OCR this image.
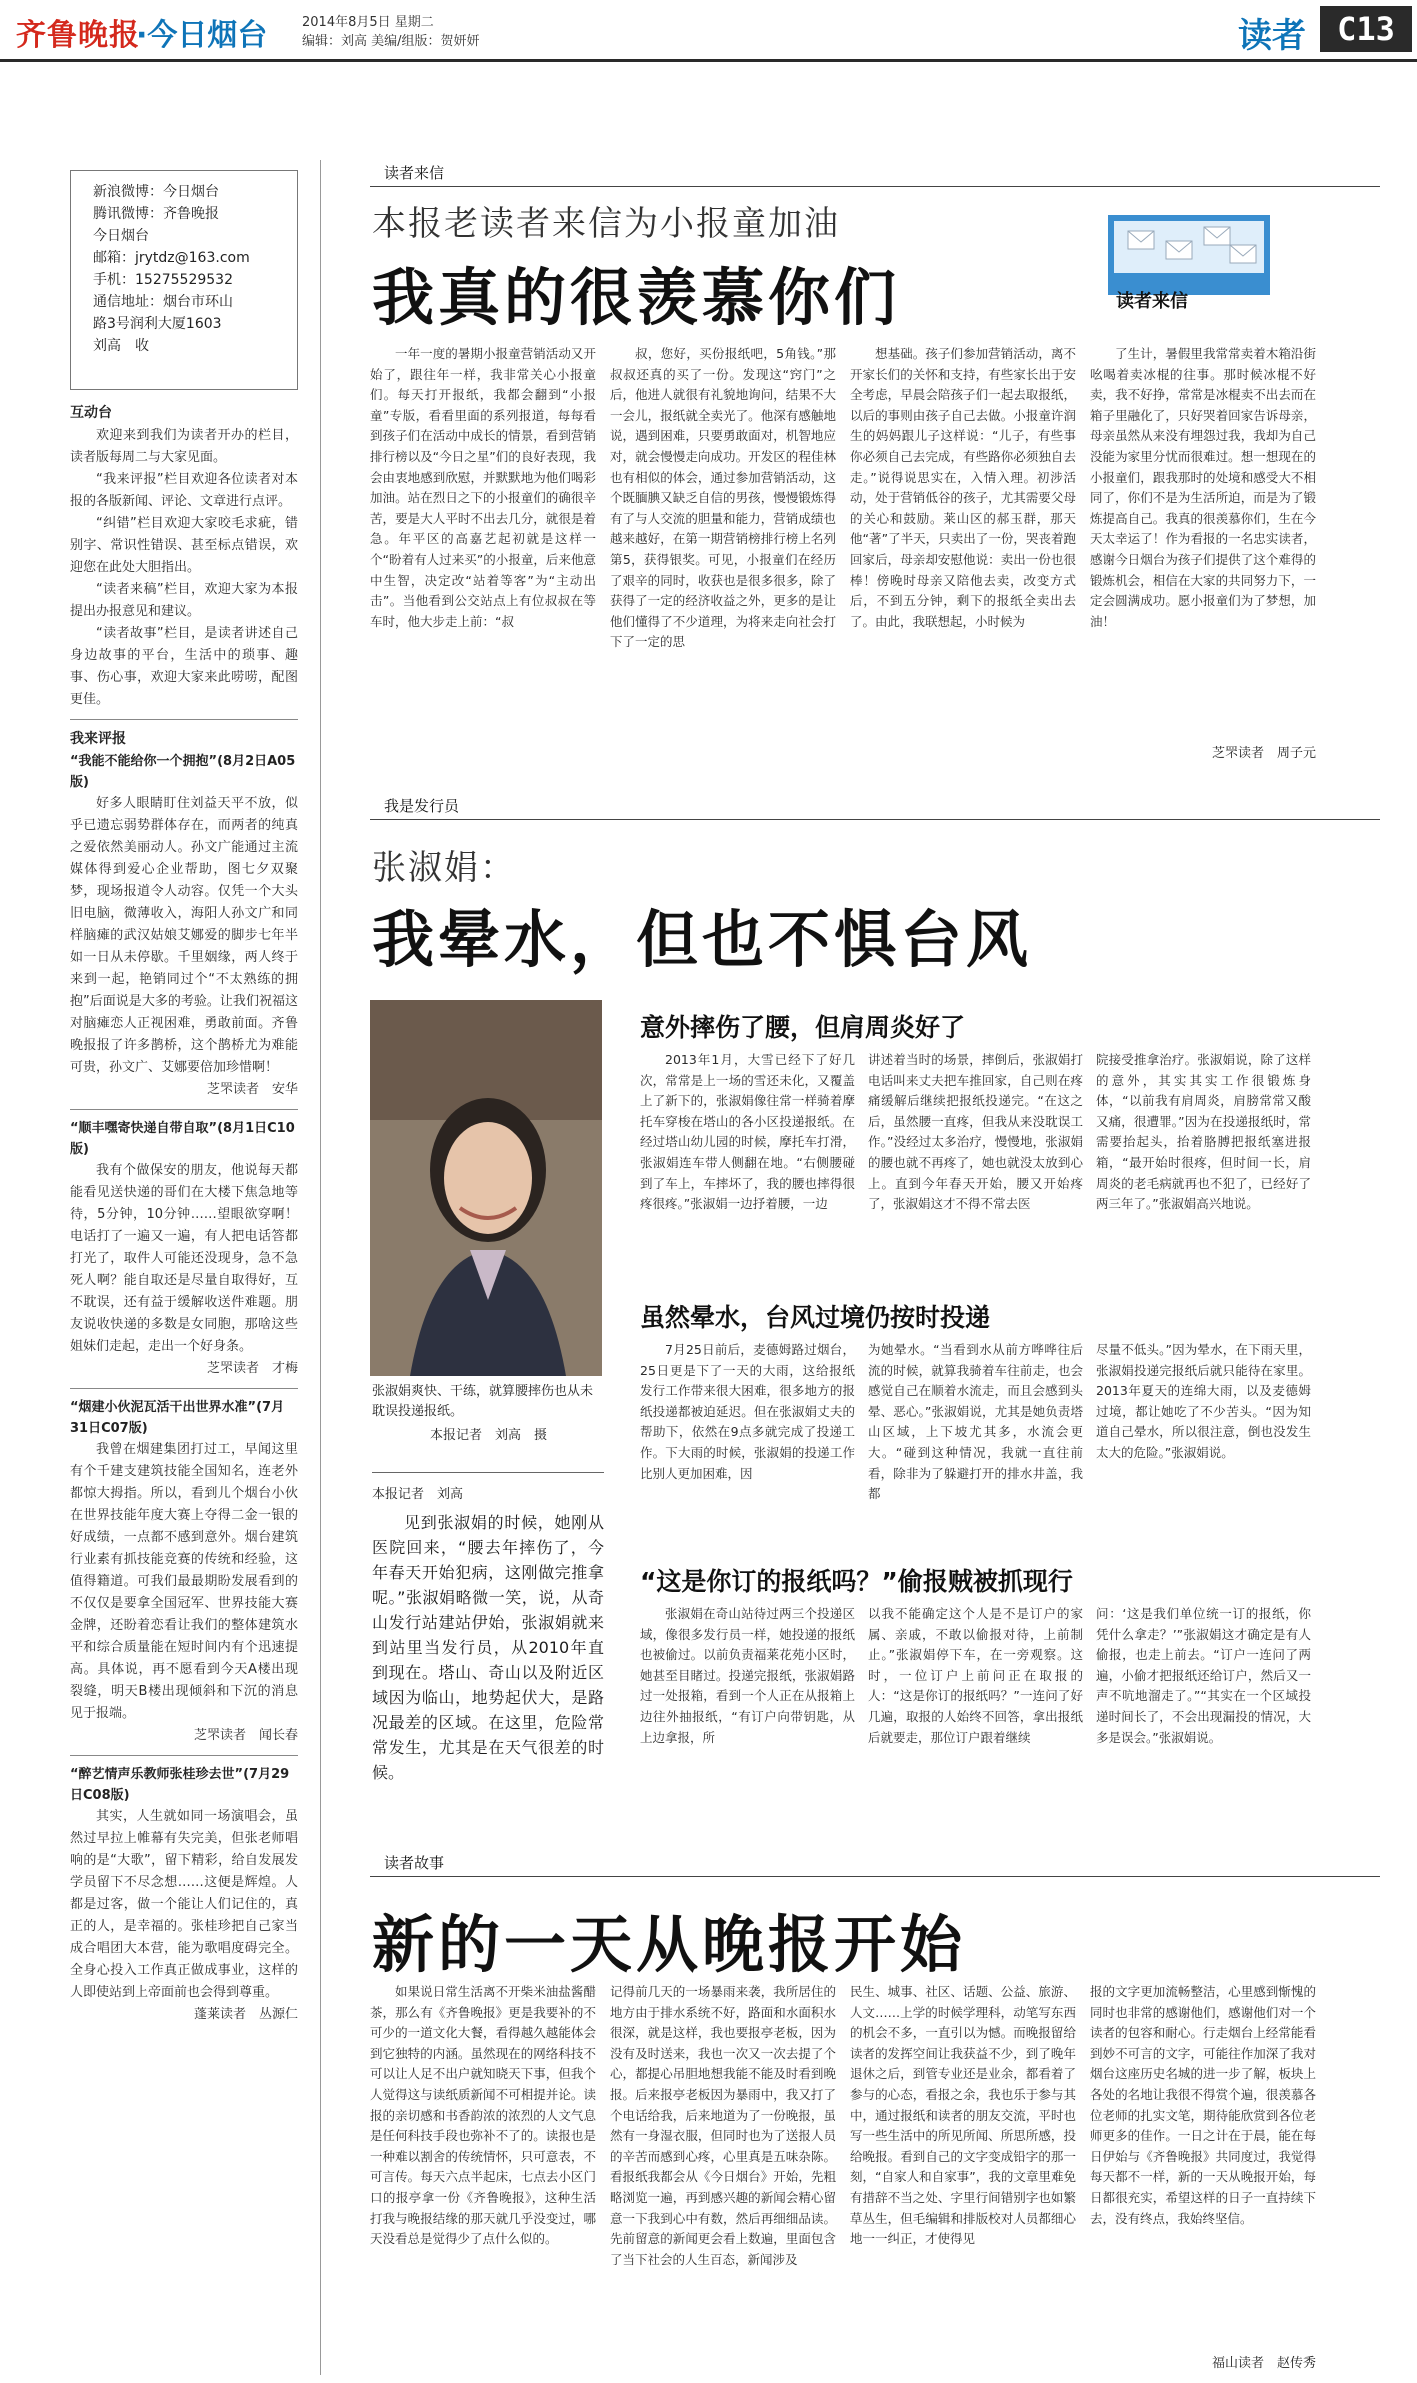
齐鲁晚报
·今日烟台	2014年8月5日 星期二
编辑：刘高 美编/组版：贺妍妍	读者 C13
新浪微博：今日烟台
腾讯微博：齐鲁晚报
今日烟台
邮箱：jrytdz@163.com
手机：15275529532
通信地址：烟台市环山
路3号润利大厦1603
刘高　收
互动台

欢迎来到我们为读者开办的栏目，读者版每周二与大家见面。

“我来评报”栏目欢迎各位读者对本报的各版新闻、评论、文章进行点评。

“纠错”栏目欢迎大家咬毛求疵，错别字、常识性错误、甚至标点错误，欢迎您在此处大胆指出。

“读者来稿”栏目，欢迎大家为本报提出办报意见和建议。

“读者故事”栏目，是读者讲述自己身边故事的平台，生活中的琐事、趣事、伤心事，欢迎大家来此唠唠，配图更佳。

我来评报
“我能不能给你一个拥抱”(8月2日A05版)

好多人眼睛盯住刘益天平不放，似乎已遗忘弱势群体存在，而两者的纯真之爱依然美丽动人。孙文广能通过主流媒体得到爱心企业帮助，图七夕双聚梦，现场报道令人动容。仅凭一个大头旧电脑，微薄收入，海阳人孙文广和同样脑瘫的武汉姑娘艾娜爱的脚步七年半如一日从未停歇。千里姻缘，两人终于来到一起，艳销同过个“不太熟练的拥抱”后面说是大多的考验。让我们祝福这对脑瘫恋人正视困难，勇敢前面。齐鲁晚报报了许多鹊桥，这个鹊桥尤为难能可贵，孙文广、艾娜要倍加珍惜啊！

芝罘读者　安华
“顺丰嘿寄快递自带自取”(8月1日C10版)

我有个做保安的朋友，他说每天都能看见送快递的哥们在大楼下焦急地等待，5分钟，10分钟……望眼欲穿啊！电话打了一遍又一遍，有人把电话答都打光了，取件人可能还没现身，急不急死人啊？能自取还是尽量自取得好，互不耽误，还有益于缓解收送件难题。朋友说收快递的多数是女同胞，那啥这些姐妹们走起，走出一个好身条。

芝罘读者　才梅
“烟建小伙泥瓦活干出世界水准”(7月31日C07版)

我曾在烟建集团打过工，早闻这里有个千建支建筑技能全国知名，连老外都惊大拇指。所以，看到儿个烟台小伙在世界技能年度大赛上夺得二金一银的好成绩，一点都不感到意外。烟台建筑行业素有抓技能竞赛的传统和经验，这值得籍道。可我们最最期盼发展看到的不仅仅是要拿全国冠军、世界技能大赛金牌，还盼着恋看让我们的整体建筑水平和综合质量能在短时间内有个迅速提高。具体说，再不愿看到今天A楼出现裂缝，明天B楼出现倾斜和下沉的消息见于报端。

芝罘读者　闻长春
“醉艺情声乐教师张桂珍去世”(7月29日C08版)

其实，人生就如同一场演唱会，虽然过早拉上帷幕有失完美，但张老师唱响的是“大歌”，留下精彩，给自发展发学员留下不尽念想……这便是辉煌。人都是过客，做一个能让人们记住的，真正的人，是幸福的。张桂珍把自己家当成合唱团大本营，能为歌唱度碍完全。全身心投入工作真正做成事业，这样的人即使站到上帝面前也会得到尊重。

蓬莱读者　丛源仁
读者来信
本报老读者来信为小报童加油
我真的很羡慕你们	读者来信

一年一度的暑期小报童营销活动又开始了，跟往年一样，我非常关心小报童们。每天打开报纸，我都会翻到“小报童”专版，看看里面的系列报道，每每看到孩子们在活动中成长的情景，看到营销排行榜以及“今日之星”们的良好表现，我会由衷地感到欣慰，并默默地为他们喝彩加油。站在烈日之下的小报童们的确很辛苦，要是大人平时不出去几分，就很是着急。年平区的高嘉艺起初就是这样一个“盼着有人过来买”的小报童，后来他意中生智，决定改“站着等客”为“主动出击”。当他看到公交站点上有位叔叔在等车时，他大步走上前：“叔

叔，您好，买份报纸吧，5角钱。”那叔叔还真的买了一份。发现这“窍门”之后，他进人就很有礼貌地询问，结果不大一会儿，报纸就全卖光了。他深有感触地说，遇到困难，只要勇敢面对，机智地应对，就会慢慢走向成功。开发区的程佳林也有相似的体会，通过参加营销活动，这个既腼腆又缺乏自信的男孩，慢慢锻炼得有了与人交流的胆量和能力，营销成绩也越来越好，在第一期营销榜排行榜上名列第5，获得银奖。可见，小报童们在经历了艰辛的同时，收获也是很多很多，除了获得了一定的经济收益之外，更多的是让他们懂得了不少道理，为将来走向社会打下了一定的思

想基础。孩子们参加营销活动，离不开家长们的关怀和支持，有些家长出于安全考虑，早晨会陪孩子们一起去取报纸，以后的事则由孩子自己去做。小报童许润生的妈妈跟儿子这样说：“儿子，有些事你必须自己去完成，有些路你必须独自去走。”说得说思实在，入情入理。初涉活动，处于营销低谷的孩子，尤其需要父母的关心和鼓励。莱山区的郝玉群，那天他“著”了半天，只卖出了一份，哭丧着跑回家后，母亲却安慰他说：卖出一份也很棒！傍晚时母亲又陪他去卖，改变方式后，不到五分钟，剩下的报纸全卖出去了。由此，我联想起，小时候为

了生计，暑假里我常常卖着木箱沿街吆喝着卖冰棍的往事。那时候冰棍不好卖，我不好挣，常常是冰棍卖不出去而在箱子里融化了，只好哭着回家告诉母亲，母亲虽然从来没有埋怨过我，我却为自己没能为家里分忧而很难过。想一想现在的小报童们，跟我那时的处境和感受大不相同了，你们不是为生活所迫，而是为了锻炼提高自己。我真的很羡慕你们，生在今天太幸运了！作为看报的一名忠实读者，感谢今日烟台为孩子们提供了这个难得的锻炼机会，相信在大家的共同努力下，一定会圆满成功。愿小报童们为了梦想，加油！

芝罘读者　周子元
我是发行员
张淑娟：
我晕水，但也不惧台风
张淑娟爽快、干练，就算腰摔伤也从未耽误投递报纸。
本报记者　刘高　摄
本报记者　刘高
见到张淑娟的时候，她刚从医院回来，“腰去年摔伤了，今年春天开始犯病，这刚做完推拿呢。”张淑娟略微一笑，说，从奇山发行站建站伊始，张淑娟就来到站里当发行员，从2010年直到现在。塔山、奇山以及附近区域因为临山，地势起伏大，是路况最差的区域。在这里，危险常常发生，尤其是在天气很差的时候。
意外摔伤了腰，但肩周炎好了

2013年1月，大雪已经下了好几次，常常是上一场的雪还未化，又覆盖上了新下的，张淑娟像往常一样骑着摩托车穿梭在塔山的各小区投递报纸。在经过塔山幼儿园的时候，摩托车打滑，张淑娟连车带人侧翻在地。“右侧腰碰到了车上，车摔坏了，我的腰也摔得很疼很疼。”张淑娟一边抒着腰，一边

讲述着当时的场景，摔倒后，张淑娟打电话叫来丈夫把车推回家，自己则在疼痛缓解后继续把报纸投递完。“在这之后，虽然腰一直疼，但我从来没耽误工作。”没经过太多治疗，慢慢地，张淑娟的腰也就不再疼了，她也就没太放到心上。直到今年春天开始，腰又开始疼了，张淑娟这才不得不常去医

院接受推拿治疗。张淑娟说，除了这样的意外，其实其实工作很锻炼身体，“以前我有肩周炎，肩膀常常又酸又痛，很遭罪。”因为在投递报纸时，常需要抬起头，抬着胳膊把报纸塞进报箱，“最开始时很疼，但时间一长，肩周炎的老毛病就再也不犯了，已经好了两三年了。”张淑娟高兴地说。

虽然晕水，台风过境仍按时投递

7月25日前后，麦德姆路过烟台，25日更是下了一天的大雨，这给报纸发行工作带来很大困难，很多地方的报纸投递都被迫延迟。但在张淑娟丈夫的帮助下，依然在9点多就完成了投递工作。下大雨的时候，张淑娟的投递工作比别人更加困难，因

为她晕水。“当看到水从前方哗哗往后流的时候，就算我骑着车往前走，也会感觉自己在顺着水流走，而且会感到头晕、恶心。”张淑娟说，尤其是她负责塔山区域，上下坡尤其多，水流会更大。“碰到这种情况，我就一直往前看，除非为了躲避打开的排水井盖，我都

尽量不低头。”因为晕水，在下雨天里，张淑娟投递完报纸后就只能待在家里。2013年夏天的连绵大雨，以及麦德姆过境，都让她吃了不少苦头。“因为知道自己晕水，所以很注意，倒也没发生太大的危险。”张淑娟说。

“这是你订的报纸吗？”偷报贼被抓现行

张淑娟在奇山站待过两三个投递区域，像很多发行员一样，她投递的报纸也被偷过。以前负责福莱花苑小区时，她甚至目睹过。投递完报纸，张淑娟路过一处报箱，看到一个人正在从报箱上边往外抽报纸，“有订户向带钥匙，从上边拿报，所

以我不能确定这个人是不是订户的家属、亲戚，不敢以偷报对待，上前制止。”张淑娟停下车，在一旁观察。这时，一位订户上前问正在取报的人：“这是你订的报纸吗？”一连问了好几遍，取报的人始终不回答，拿出报纸后就要走，那位订户跟着继续

问：‘这是我们单位统一订的报纸，你凭什么拿走？’”张淑娟这才确定是有人偷报，也走上前去。“订户一连问了两遍，小偷才把报纸还给订户，然后又一声不吭地溜走了。”“其实在一个区域投递时间长了，不会出现漏投的情况，大多是误会。”张淑娟说。

读者故事
新的一天从晚报开始

如果说日常生活离不开柴米油盐酱醋茶，那么有《齐鲁晚报》更是我要补的不可少的一道文化大餐，看得越久越能体会到它独特的内涵。虽然现在的网络科技不可以让人足不出户就知晓天下事，但我个人觉得这与读纸质新闻不可相提并论。读报的亲切感和书香韵浓的浓烈的人文气息是任何科技手段也弥补不了的。读报也是一种难以割舍的传统情怀，只可意表，不可言传。每天六点半起床，七点去小区门口的报亭拿一份《齐鲁晚报》，这种生活打我与晚报结缘的那天就几乎没变过，哪天没看总是觉得少了点什么似的。

记得前几天的一场暴雨来袭，我所居住的地方由于排水系统不好，路面和水面积水很深，就是这样，我也要报亭老板，因为没有及时送来，我也一次又一次去提了个心，都提心吊胆地想我能不能及时看到晚报。后来报亭老板因为暴雨中，我又打了个电话给我，后来地道为了一份晚报，虽然有一身湿衣服，但同时也为了送报人员的辛苦而感到心疼，心里真是五味杂陈。看报纸我都会从《今日烟台》开始，先粗略浏览一遍，再到感兴趣的新闻会精心留意一下我到心中有数，然后再细细品读。先前留意的新闻更会看上数遍，里面包含了当下社会的人生百态，新闻涉及

民生、城事、社区、话题、公益、旅游、人文……上学的时候学理科，动笔写东西的机会不多，一直引以为憾。而晚报留给读者的发挥空间让我获益不少，到了晚年退休之后，到管专业还是业余，都看着了参与的心态，看报之余，我也乐于参与其中，通过报纸和读者的朋友交流，平时也写一些生活中的所见所闻、所思所感，投给晚报。看到自己的文字变成铅字的那一刻，“自家人和自家事”，我的文章里难免有措辞不当之处、字里行间错别字也如繁草丛生，但毛编辑和排版校对人员都细心地一一纠正，才使得见

报的文字更加流畅整洁，心里感到惭愧的同时也非常的感谢他们，感谢他们对一个读者的包容和耐心。行走烟台上经常能看到妙不可言的文字，可能往作加深了我对烟台这座历史名城的进一步了解，板块上各处的名地让我很不得赏个遍，很羡慕各位老师的扎实文笔，期待能欣赏到各位老师更多的佳作。一日之计在于晨，能在每日伊始与《齐鲁晚报》共同度过，我觉得每天都不一样，新的一天从晚报开始，每日都很充实，希望这样的日子一直持续下去，没有终点，我始终坚信。

福山读者　赵传秀
